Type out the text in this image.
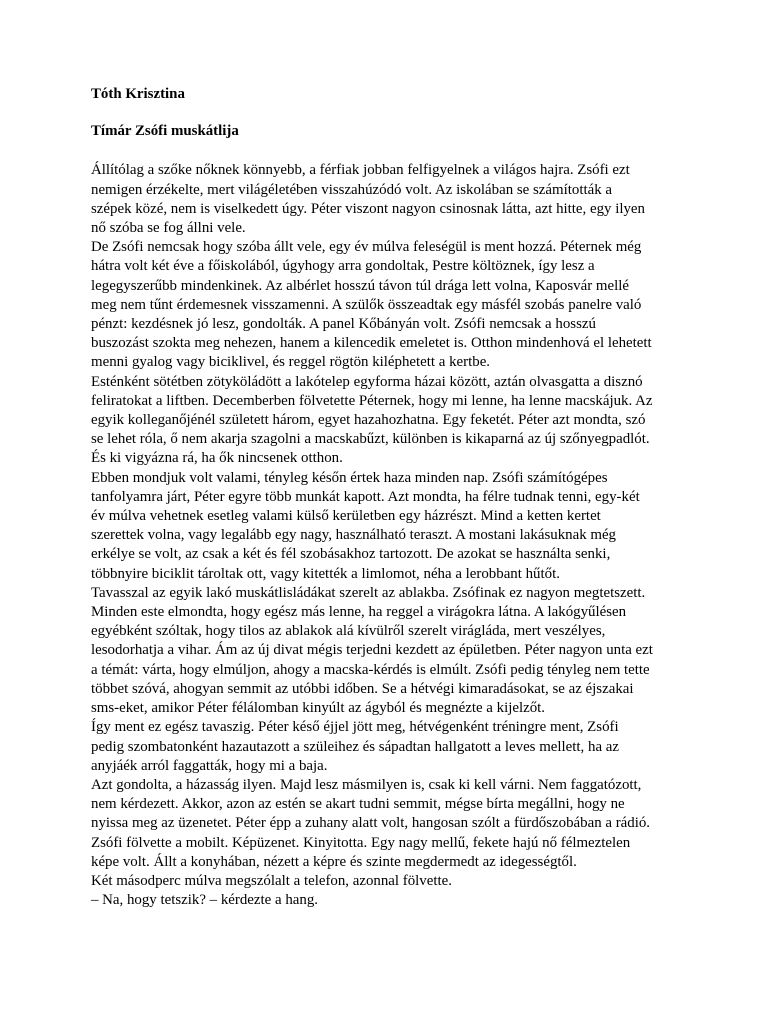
Tóth Krisztina

Tímár Zsófi muskátlija

Állítólag a szőke nőknek könnyebb, a férfiak jobban felfigyelnek a világos hajra. Zsófi ezt
nemigen érzékelte, mert világéletében visszahúzódó volt. Az iskolában se számították a
szépek közé, nem is viselkedett úgy. Péter viszont nagyon csinosnak látta, azt hitte, egy ilyen
nő szóba se fog állni vele.

De Zsófi nemcsak hogy szóba állt vele, egy év múlva feleségül is ment hozzá. Péternek még
hátra volt két éve a főiskolából, úgyhogy arra gondoltak, Pestre költöznek, így lesz a
legegyszerűbb mindenkinek. Az albérlet hosszú távon túl drága lett volna, Kaposvár mellé
meg nem tűnt érdemesnek visszamenni. A szülők összeadtak egy másfél szobás panelre való
pénzt: kezdésnek jó lesz, gondolták. A panel Kőbányán volt. Zsófi nemcsak a hosszú
buszozást szokta meg nehezen, hanem a kilencedik emeletet is. Otthon mindenhová el lehetett
menni gyalog vagy biciklivel, és reggel rögtön kiléphetett a kertbe.

Esténként sötétben zötyköládött a lakótelep egyforma házai között, aztán olvasgatta a disznó
feliratokat a liftben. Decemberben fölvetette Péternek, hogy mi lenne, ha lenne macskájuk. Az
egyik kolleganőjénél született három, egyet hazahozhatna. Egy feketét. Péter azt mondta, szó
se lehet róla, ő nem akarja szagolni a macskabűzt, különben is kikaparná az új szőnyegpadlót.
És ki vigyázna rá, ha ők nincsenek otthon.

Ebben mondjuk volt valami, tényleg későn értek haza minden nap. Zsófi számítógépes
tanfolyamra járt, Péter egyre több munkát kapott. Azt mondta, ha félre tudnak tenni, egy-két
év múlva vehetnek esetleg valami külső kerületben egy házrészt. Mind a ketten kertet
szerettek volna, vagy legalább egy nagy, használható teraszt. A mostani lakásuknak még
erkélye se volt, az csak a két és fél szobásakhoz tartozott. De azokat se használta senki,
többnyire biciklit tároltak ott, vagy kitették a limlomot, néha a lerobbant hűtőt.

Tavasszal az egyik lakó muskátlisládákat szerelt az ablakba. Zsófinak ez nagyon megtetszett.
Minden este elmondta, hogy egész más lenne, ha reggel a virágokra látna. A lakógyűlésen
egyébként szóltak, hogy tilos az ablakok alá kívülről szerelt virágláda, mert veszélyes,
lesodorhatja a vihar. Ám az új divat mégis terjedni kezdett az épületben. Péter nagyon unta ezt
a témát: várta, hogy elmúljon, ahogy a macska-kérdés is elmúlt. Zsófi pedig tényleg nem tette
többet szóvá, ahogyan semmit az utóbbi időben. Se a hétvégi kimaradásokat, se az éjszakai
sms-eket, amikor Péter félálomban kinyúlt az ágyból és megnézte a kijelzőt.

Így ment ez egész tavaszig. Péter késő éjjel jött meg, hétvégenként tréningre ment, Zsófi
pedig szombatonként hazautazott a szüleihez és sápadtan hallgatott a leves mellett, ha az
anyjáék arról faggatták, hogy mi a baja.

Azt gondolta, a házasság ilyen. Majd lesz másmilyen is, csak ki kell várni. Nem faggatózott,
nem kérdezett. Akkor, azon az estén se akart tudni semmit, mégse bírta megállni, hogy ne
nyissa meg az üzenetet. Péter épp a zuhany alatt volt, hangosan szólt a fürdőszobában a rádió.
Zsófi fölvette a mobilt. Képüzenet. Kinyitotta. Egy nagy mellű, fekete hajú nő félmeztelen
képe volt. Állt a konyhában, nézett a képre és szinte megdermedt az idegességtől.

Két másodperc múlva megszólalt a telefon, azonnal fölvette.

– Na, hogy tetszik? – kérdezte a hang.
